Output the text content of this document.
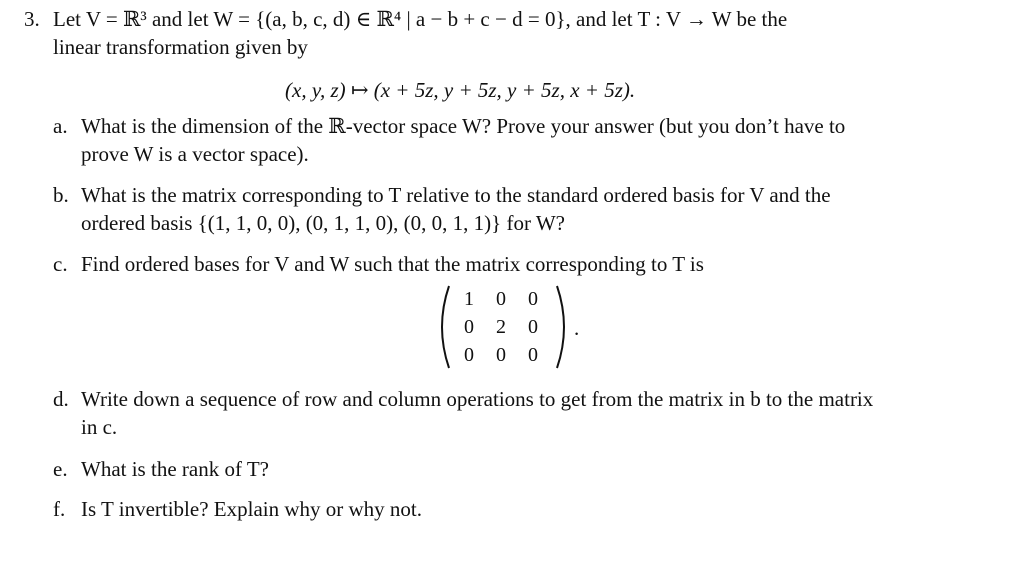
3. Let V = ℝ³ and let W = {(a, b, c, d) ∈ ℝ⁴ | a − b + c − d = 0}, and let T : V → W be the
linear transformation given by
(x, y, z) ↦ (x + 5z, y + 5z, y + 5z, x + 5z).
a. What is the dimension of the ℝ-vector space W? Prove your answer (but you don’t have to
prove W is a vector space).
b. What is the matrix corresponding to T relative to the standard ordered basis for V and the
ordered basis {(1, 1, 0, 0), (0, 1, 1, 0), (0, 0, 1, 1)} for W?
c. Find ordered bases for V and W such that the matrix corresponding to T is
1	0	0
0	2	0
0	0	0
.
d. Write down a sequence of row and column operations to get from the matrix in b to the matrix
in c.
e. What is the rank of T?
f. Is T invertible? Explain why or why not.
